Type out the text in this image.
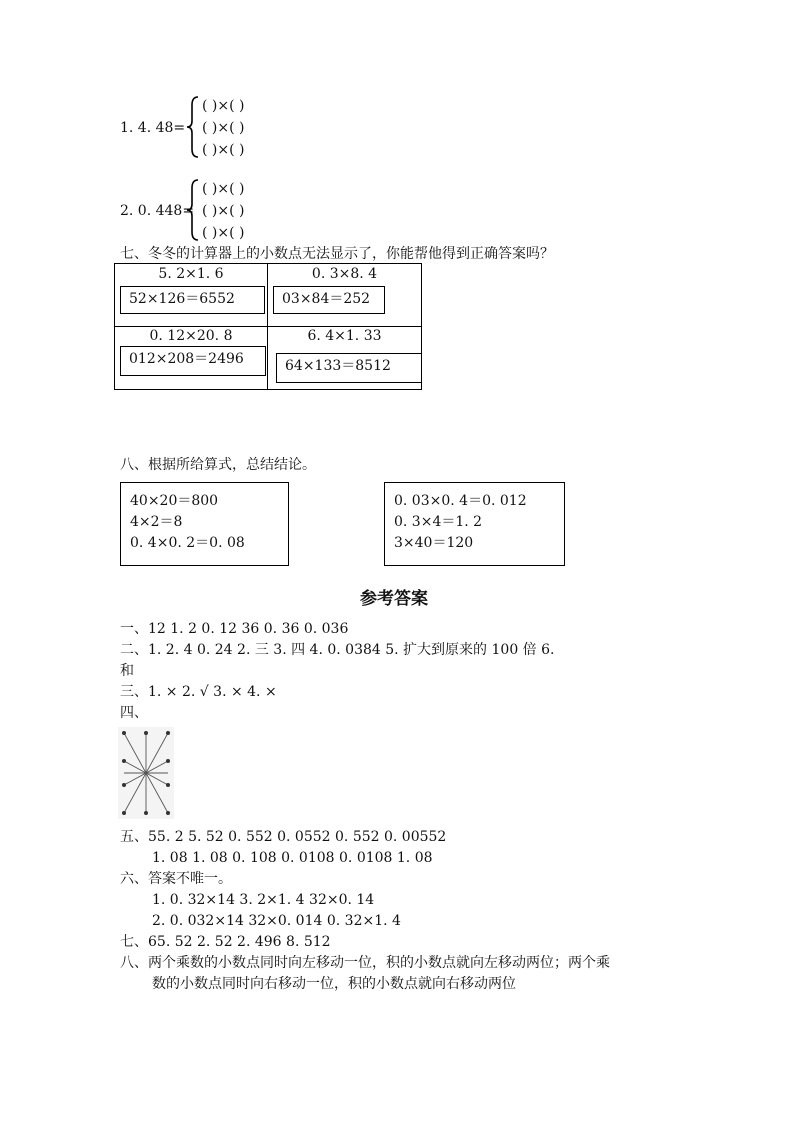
1. 4. 48=
( )×( )
( )×( )
( )×( )
2. 0. 448=
( )×( )
( )×( )
( )×( )
七、冬冬的计算器上的小数点无法显示了，你能帮他得到正确答案吗？
5. 2×1. 6
52×126＝6552
0. 3×8. 4
03×84＝252
0. 12×20. 8
012×208＝2496
6. 4×1. 33
64×133＝8512
八、根据所给算式，总结结论。
40×20＝800
4×2＝8
0. 4×0. 2＝0. 08
0. 03×0. 4＝0. 012
0. 3×4＝1. 2
3×40＝120
参考答案
一、12 1. 2 0. 12 36 0. 36 0. 036
二、1. 2. 4 0. 24 2. 三 3. 四 4. 0. 0384 5. 扩大到原来的 100 倍 6.
和
三、1. × 2. √ 3. × 4. ×
四、
五、55. 2 5. 52 0. 552 0. 0552 0. 552 0. 00552
1. 08 1. 08 0. 108 0. 0108 0. 0108 1. 08
六、答案不唯一。
1. 0. 32×14 3. 2×1. 4 32×0. 14
2. 0. 032×14 32×0. 014 0. 32×1. 4
七、65. 52 2. 52 2. 496 8. 512
八、两个乘数的小数点同时向左移动一位，积的小数点就向左移动两位；两个乘
数的小数点同时向右移动一位，积的小数点就向右移动两位
